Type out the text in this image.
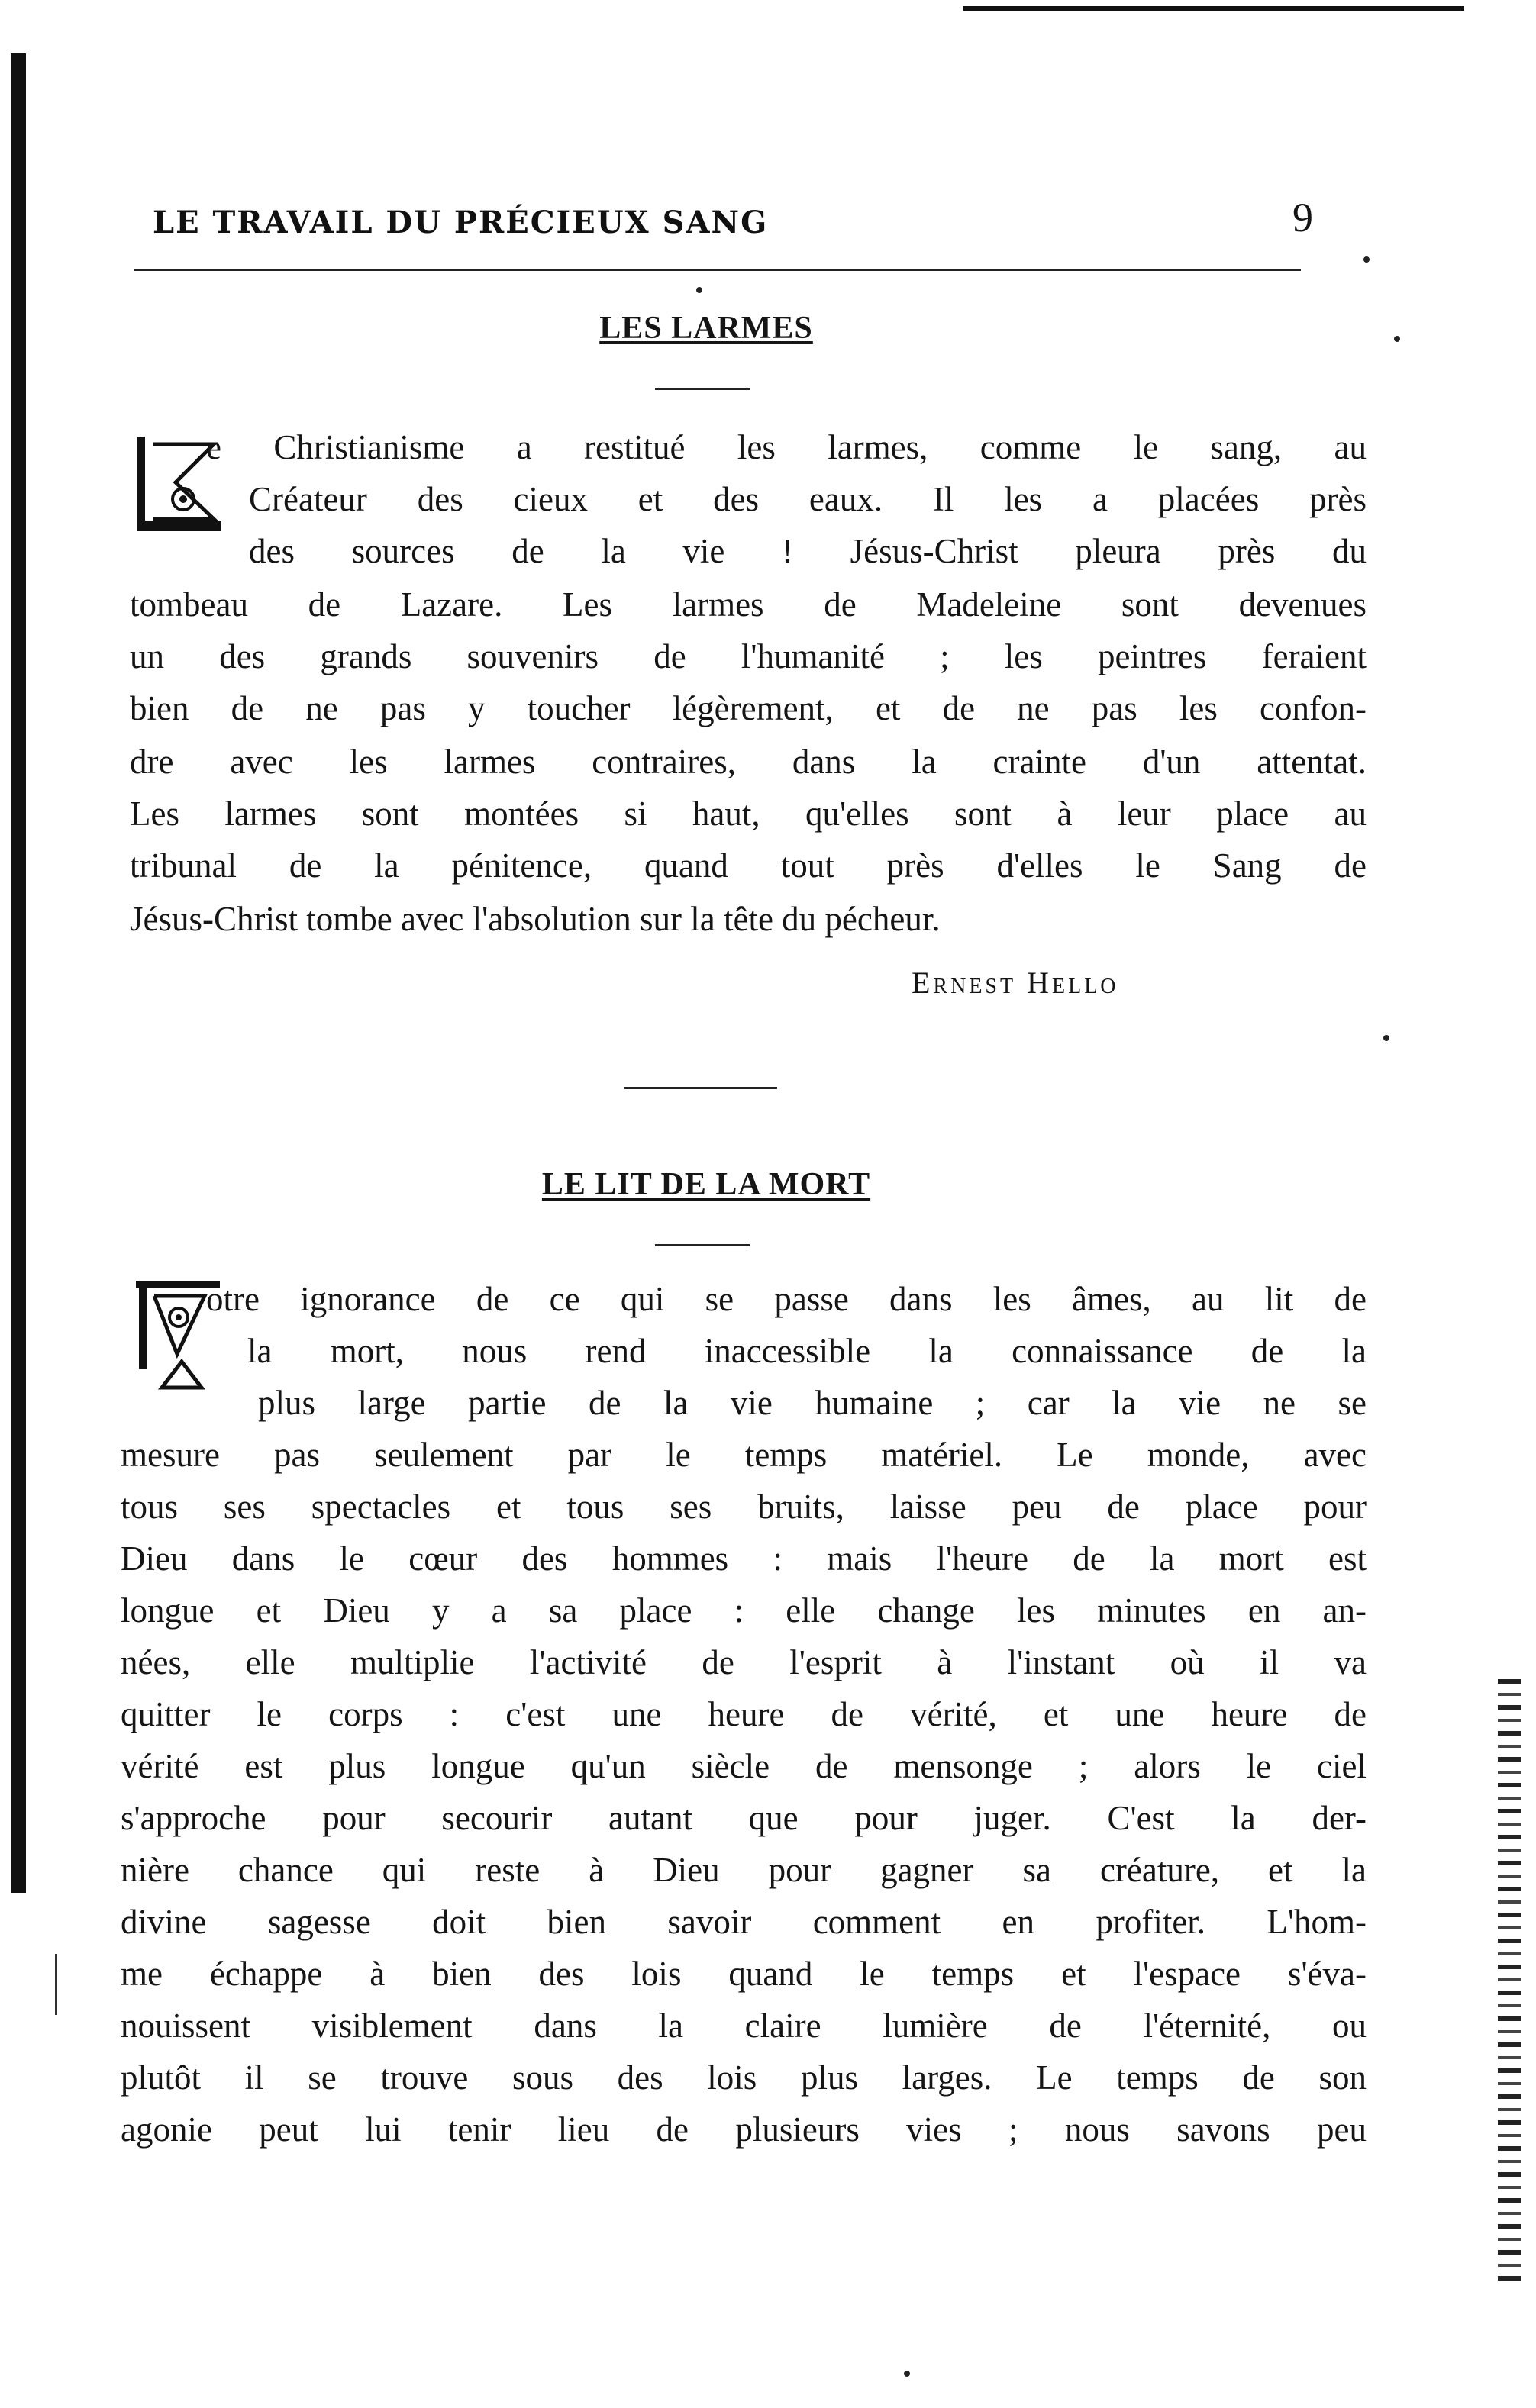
LE TRAVAIL DU PRÉCIEUX SANG	9
LES LARMES
e Christianisme a restitué les larmes, comme le sang, au
Créateur des cieux et des eaux. Il les a placées près
des sources de la vie ! Jésus-Christ pleura près du
tombeau de Lazare. Les larmes de Madeleine sont devenues
un des grands souvenirs de l'humanité ; les peintres feraient
bien de ne pas y toucher légèrement, et de ne pas les confon-
dre avec les larmes contraires, dans la crainte d'un attentat.
Les larmes sont montées si haut, qu'elles sont à leur place au
tribunal de la pénitence, quand tout près d'elles le Sang de
Jésus-Christ tombe avec l'absolution sur la tête du pécheur.
Ernest Hello
LE LIT DE LA MORT
otre ignorance de ce qui se passe dans les âmes, au lit de
la mort, nous rend inaccessible la connaissance de la
plus large partie de la vie humaine ; car la vie ne se
mesure pas seulement par le temps matériel. Le monde, avec
tous ses spectacles et tous ses bruits, laisse peu de place pour
Dieu dans le cœur des hommes : mais l'heure de la mort est
longue et Dieu y a sa place : elle change les minutes en an-
nées, elle multiplie l'activité de l'esprit à l'instant où il va
quitter le corps : c'est une heure de vérité, et une heure de
vérité est plus longue qu'un siècle de mensonge ; alors le ciel
s'approche pour secourir autant que pour juger. C'est la der-
nière chance qui reste à Dieu pour gagner sa créature, et la
divine sagesse doit bien savoir comment en profiter. L'hom-
me échappe à bien des lois quand le temps et l'espace s'éva-
nouissent visiblement dans la claire lumière de l'éternité, ou
plutôt il se trouve sous des lois plus larges. Le temps de son
agonie peut lui tenir lieu de plusieurs vies ; nous savons peu
